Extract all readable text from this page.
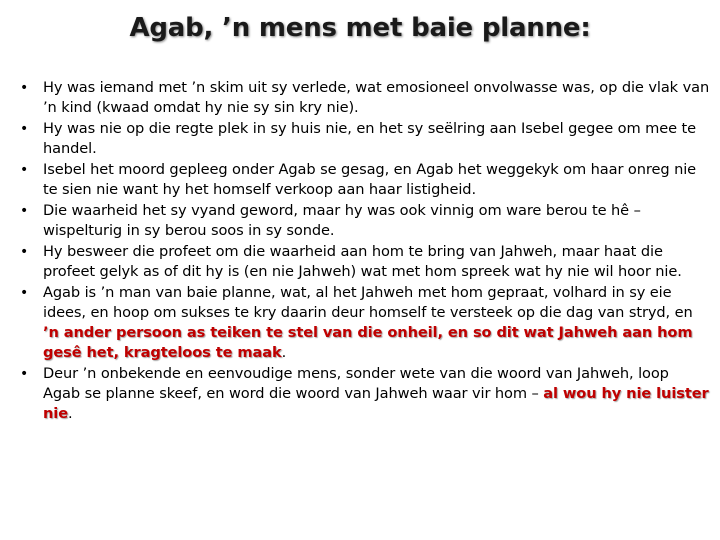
Agab, ’n mens met baie planne:
• Hy was iemand met ’n skim uit sy verlede, wat emosioneel onvolwasse was, op die vlak van ’n kind (kwaad omdat hy nie sy sin kry nie).
• Hy was nie op die regte plek in sy huis nie, en het sy seëlring aan Isebel gegee om mee te handel.
• Isebel het moord gepleeg onder Agab se gesag, en Agab het weggekyk om haar onreg nie te sien nie want hy het homself verkoop aan haar listigheid.
• Die waarheid het sy vyand geword, maar hy was ook vinnig om ware berou te hê – wispelturig in sy berou soos in sy sonde.
• Hy besweer die profeet om die waarheid aan hom te bring van Jahweh, maar haat die profeet gelyk as of dit hy is (en nie Jahweh) wat met hom spreek wat hy nie wil hoor nie.
• Agab is ’n man van baie planne, wat, al het Jahweh met hom gepraat, volhard in sy eie idees, en hoop om sukses te kry daarin deur homself te versteek op die dag van stryd, en ’n ander persoon as teiken te stel van die onheil, en so dit wat Jahweh aan hom gesê het, kragteloos te maak.
• Deur ’n onbekende en eenvoudige mens, sonder wete van die woord van Jahweh, loop Agab se planne skeef, en word die woord van Jahweh waar vir hom – al wou hy nie luister nie.
